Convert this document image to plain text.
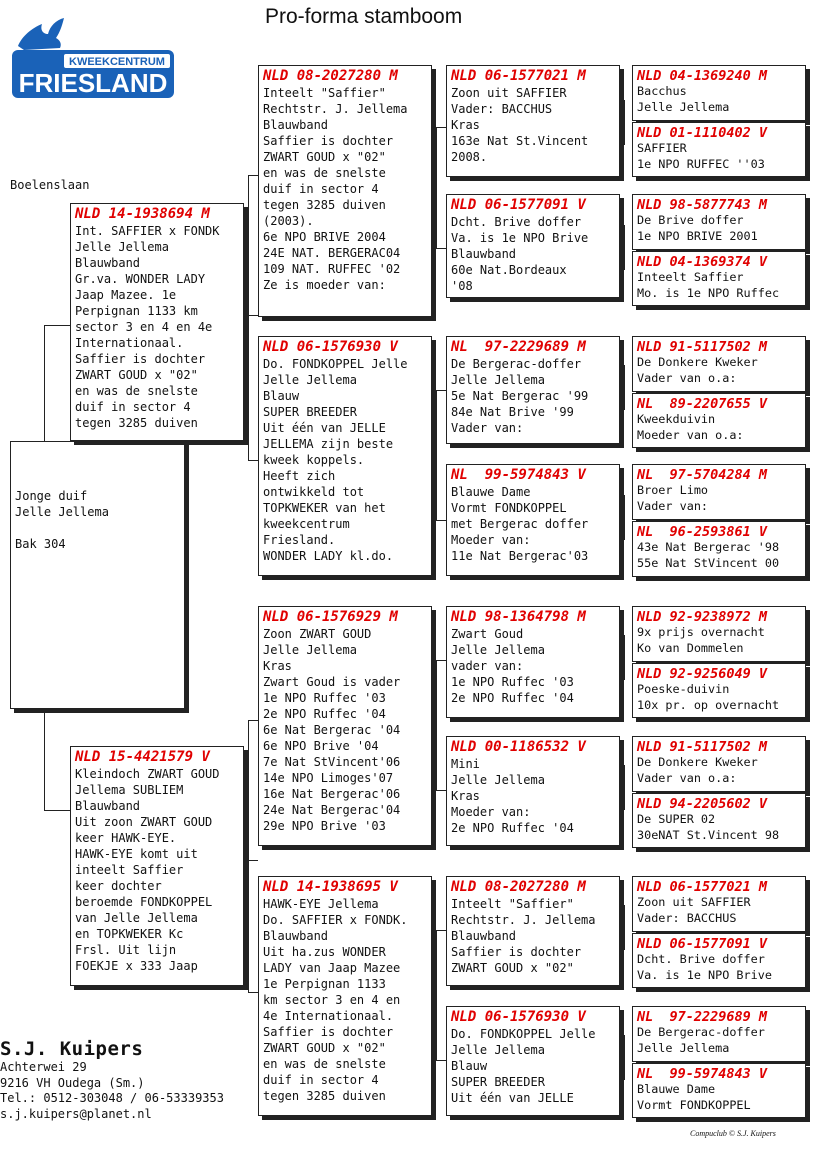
Pro-forma stamboom
KWEEKCENTRUM
FRIESLAND
Boelenslaan
Jonge duif
Jelle Jellema

Bak 304
NLD 14-1938694 M
Int. SAFFIER x FONDK
Jelle Jellema
Blauwband
Gr.va. WONDER LADY
Jaap Mazee. 1e
Perpignan 1133 km
sector 3 en 4 en 4e
Internationaal.
Saffier is dochter
ZWART GOUD x "02"
en was de snelste
duif in sector 4
tegen 3285 duiven
NLD 15-4421579 V
Kleindoch ZWART GOUD
Jellema SUBLIEM
Blauwband
Uit zoon ZWART GOUD
keer HAWK-EYE.
HAWK-EYE komt uit
inteelt Saffier
keer dochter
beroemde FONDKOPPEL
van Jelle Jellema
en TOPKWEKER Kc
Frsl. Uit lijn
FOEKJE x 333 Jaap
NLD 08-2027280 M
Inteelt "Saffier"
Rechtstr. J. Jellema
Blauwband
Saffier is dochter
ZWART GOUD x "02"
en was de snelste
duif in sector 4
tegen 3285 duiven
(2003).
6e NPO BRIVE 2004
24E NAT. BERGERAC04
109 NAT. RUFFEC '02
Ze is moeder van:
NLD 06-1576930 V
Do. FONDKOPPEL Jelle
Jelle Jellema
Blauw
SUPER BREEDER
Uit één van JELLE
JELLEMA zijn beste
kweek koppels.
Heeft zich
ontwikkeld tot
TOPKWEKER van het
kweekcentrum
Friesland.
WONDER LADY kl.do.
NLD 06-1576929 M
Zoon ZWART GOUD
Jelle Jellema
Kras
Zwart Goud is vader
1e NPO Ruffec '03
2e NPO Ruffec '04
6e Nat Bergerac '04
6e NPO Brive '04
7e Nat StVincent'06
14e NPO Limoges'07
16e Nat Bergerac'06
24e Nat Bergerac'04
29e NPO Brive '03
NLD 14-1938695 V
HAWK-EYE Jellema
Do. SAFFIER x FONDK.
Blauwband
Uit ha.zus WONDER
LADY van Jaap Mazee
1e Perpignan 1133
km sector 3 en 4 en
4e Internationaal.
Saffier is dochter
ZWART GOUD x "02"
en was de snelste
duif in sector 4
tegen 3285 duiven
NLD 06-1577021 M
Zoon uit SAFFIER
Vader: BACCHUS
Kras
163e Nat St.Vincent
2008.
NLD 06-1577091 V
Dcht. Brive doffer
Va. is 1e NPO Brive
Blauwband
60e Nat.Bordeaux
'08
NL  97-2229689 M
De Bergerac-doffer
Jelle Jellema
5e Nat Bergerac '99
84e Nat Brive '99
Vader van:
NL  99-5974843 V
Blauwe Dame
Vormt FONDKOPPEL
met Bergerac doffer
Moeder van:
11e Nat Bergerac'03
NLD 98-1364798 M
Zwart Goud
Jelle Jellema
vader van:
1e NPO Ruffec '03
2e NPO Ruffec '04
NLD 00-1186532 V
Mini
Jelle Jellema
Kras
Moeder van:
2e NPO Ruffec '04
NLD 08-2027280 M
Inteelt "Saffier"
Rechtstr. J. Jellema
Blauwband
Saffier is dochter
ZWART GOUD x "02"
NLD 06-1576930 V
Do. FONDKOPPEL Jelle
Jelle Jellema
Blauw
SUPER BREEDER
Uit één van JELLE
NLD 04-1369240 M
Bacchus
Jelle Jellema
NLD 01-1110402 V
SAFFIER
1e NPO RUFFEC ''03
NLD 98-5877743 M
De Brive doffer
1e NPO BRIVE 2001
NLD 04-1369374 V
Inteelt Saffier
Mo. is 1e NPO Ruffec
NLD 91-5117502 M
De Donkere Kweker
Vader van o.a:
NL  89-2207655 V
Kweekduivin
Moeder van o.a:
NL  97-5704284 M
Broer Limo
Vader van:
NL  96-2593861 V
43e Nat Bergerac '98
55e Nat StVincent 00
NLD 92-9238972 M
9x prijs overnacht
Ko van Dommelen
NLD 92-9256049 V
Poeske-duivin
10x pr. op overnacht
NLD 91-5117502 M
De Donkere Kweker
Vader van o.a:
NLD 94-2205602 V
De SUPER 02
30eNAT St.Vincent 98
NLD 06-1577021 M
Zoon uit SAFFIER
Vader: BACCHUS
NLD 06-1577091 V
Dcht. Brive doffer
Va. is 1e NPO Brive
NL  97-2229689 M
De Bergerac-doffer
Jelle Jellema
NL  99-5974843 V
Blauwe Dame
Vormt FONDKOPPEL
S.J. Kuipers
Achterwei 29
9216 VH Oudega (Sm.)
Tel.: 0512-303048 / 06-53339353
s.j.kuipers@planet.nl
Compuclub © S.J. Kuipers
